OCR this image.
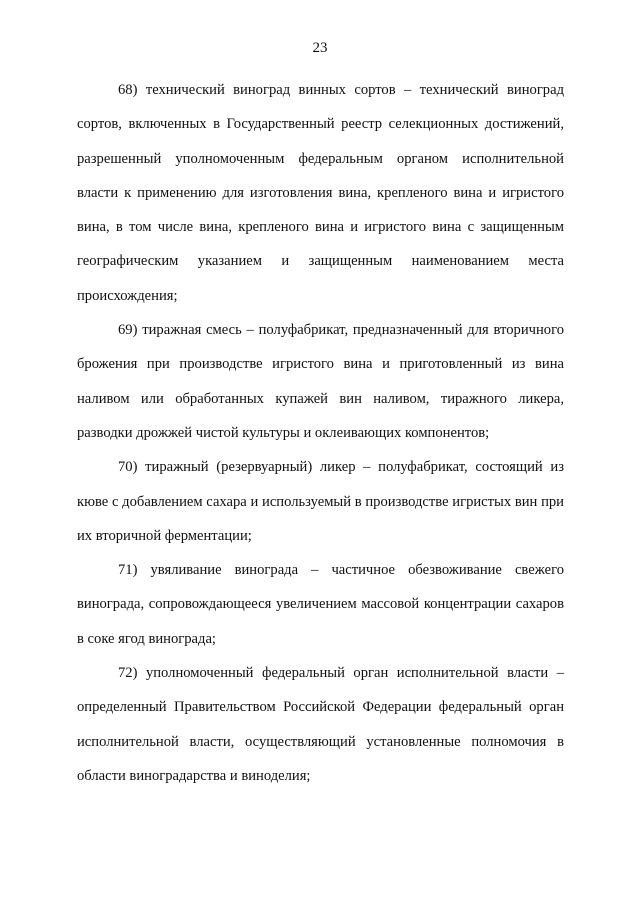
23

68) технический виноград винных сортов – технический виноград сортов, включенных в Государственный реестр селекционных достижений, разрешенный уполномоченным федеральным органом исполнительной власти к применению для изготовления вина, крепленого вина и игристого вина, в том числе вина, крепленого вина и игристого вина с защищенным географическим указанием и защищенным наименованием места происхождения;

69) тиражная смесь – полуфабрикат, предназначенный для вторичного брожения при производстве игристого вина и приготовленный из вина наливом или обработанных купажей вин наливом, тиражного ликера, разводки дрожжей чистой культуры и оклеивающих компонентов;

70) тиражный (резервуарный) ликер – полуфабрикат, состоящий из кюве с добавлением сахара и используемый в производстве игристых вин при их вторичной ферментации;

71) увяливание винограда – частичное обезвоживание свежего винограда, сопровождающееся увеличением массовой концентрации сахаров в соке ягод винограда;

72) уполномоченный федеральный орган исполнительной власти – определенный Правительством Российской Федерации федеральный орган исполнительной власти, осуществляющий установленные полномочия в области виноградарства и виноделия;
